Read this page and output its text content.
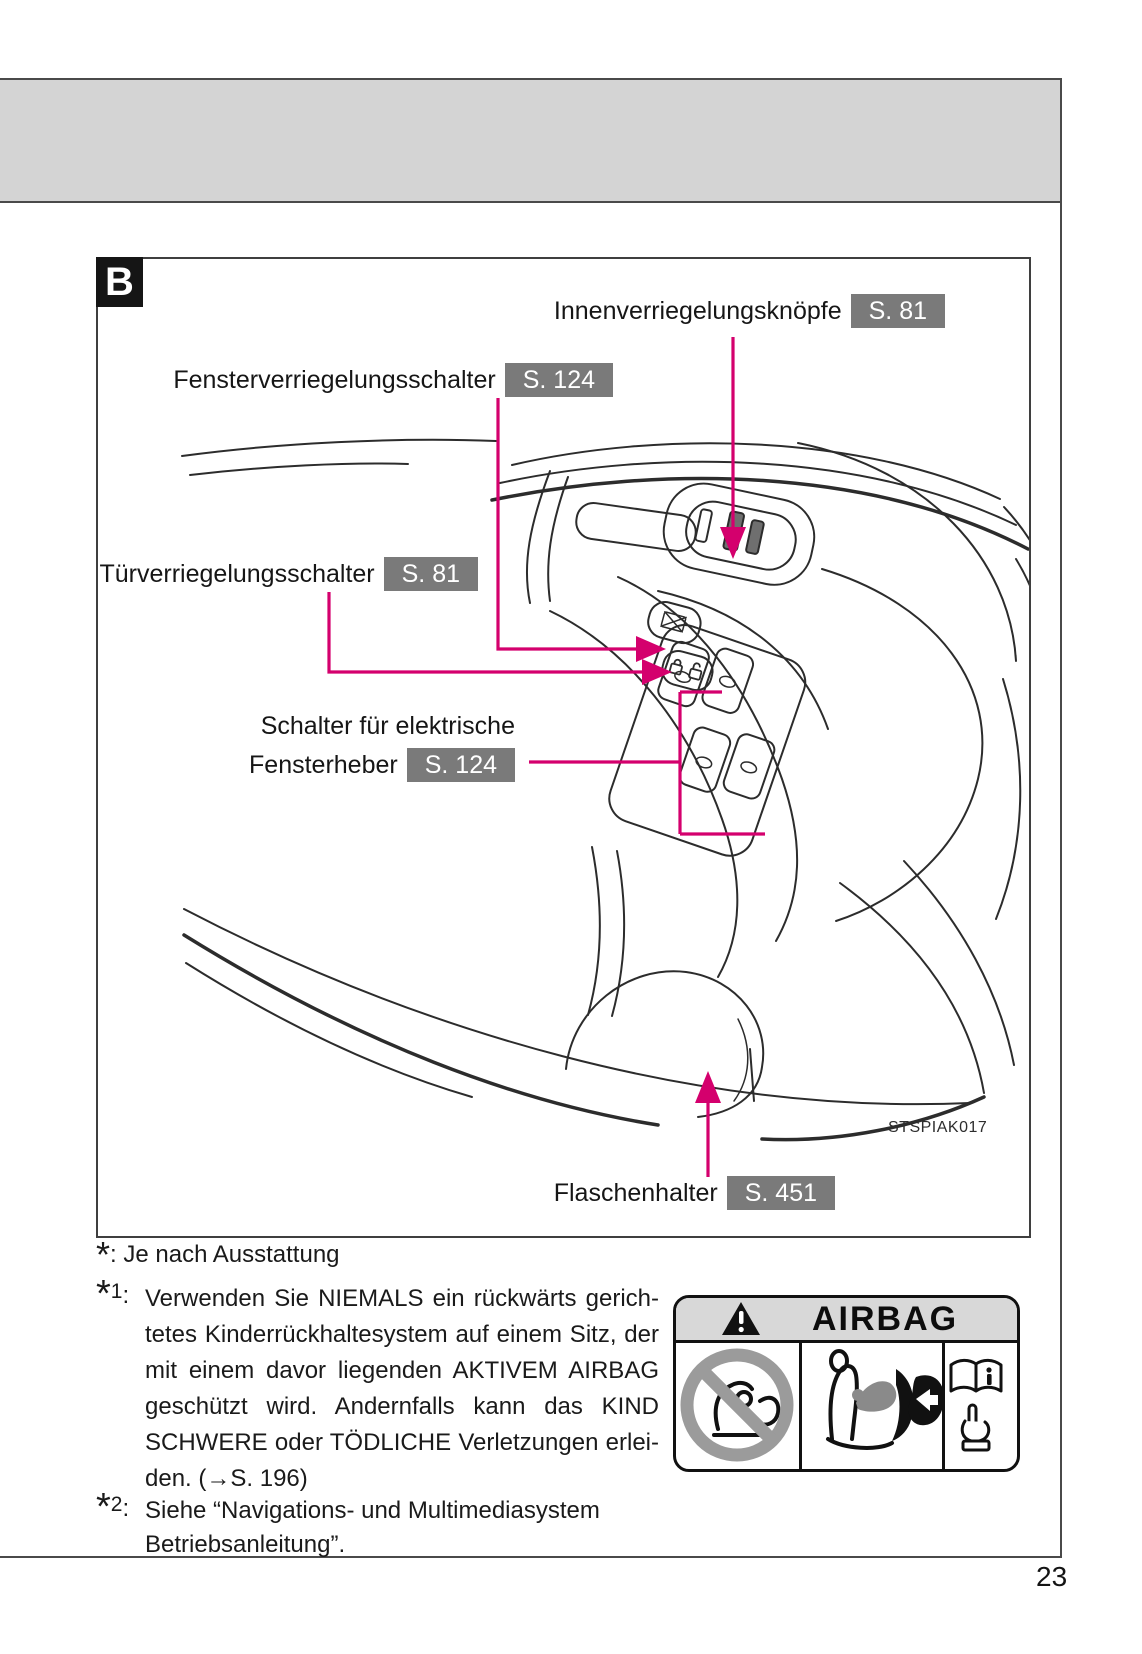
B
Innenverriegelungsknöpfe	S. 81
Fensterverriegelungsschalter	S. 124
Türverriegelungsschalter	S. 81
Schalter für elektrische
Fensterheber	S. 124
Flaschenhalter	S. 451
STSPIAK017
*: Je nach Ausstattung
*1: Verwenden Sie NIEMALS ein rückwärts gerich-
tetes Kinderrückhaltesystem auf einem Sitz, der
mit einem davor liegenden AKTIVEM AIRBAG
geschützt wird. Andernfalls kann das KIND
SCHWERE oder TÖDLICHE Verletzungen erlei-
den. (→S. 196)
*2: Siehe “Navigations- und Multimediasystem
Betriebsanleitung”.
AIRBAG
23
